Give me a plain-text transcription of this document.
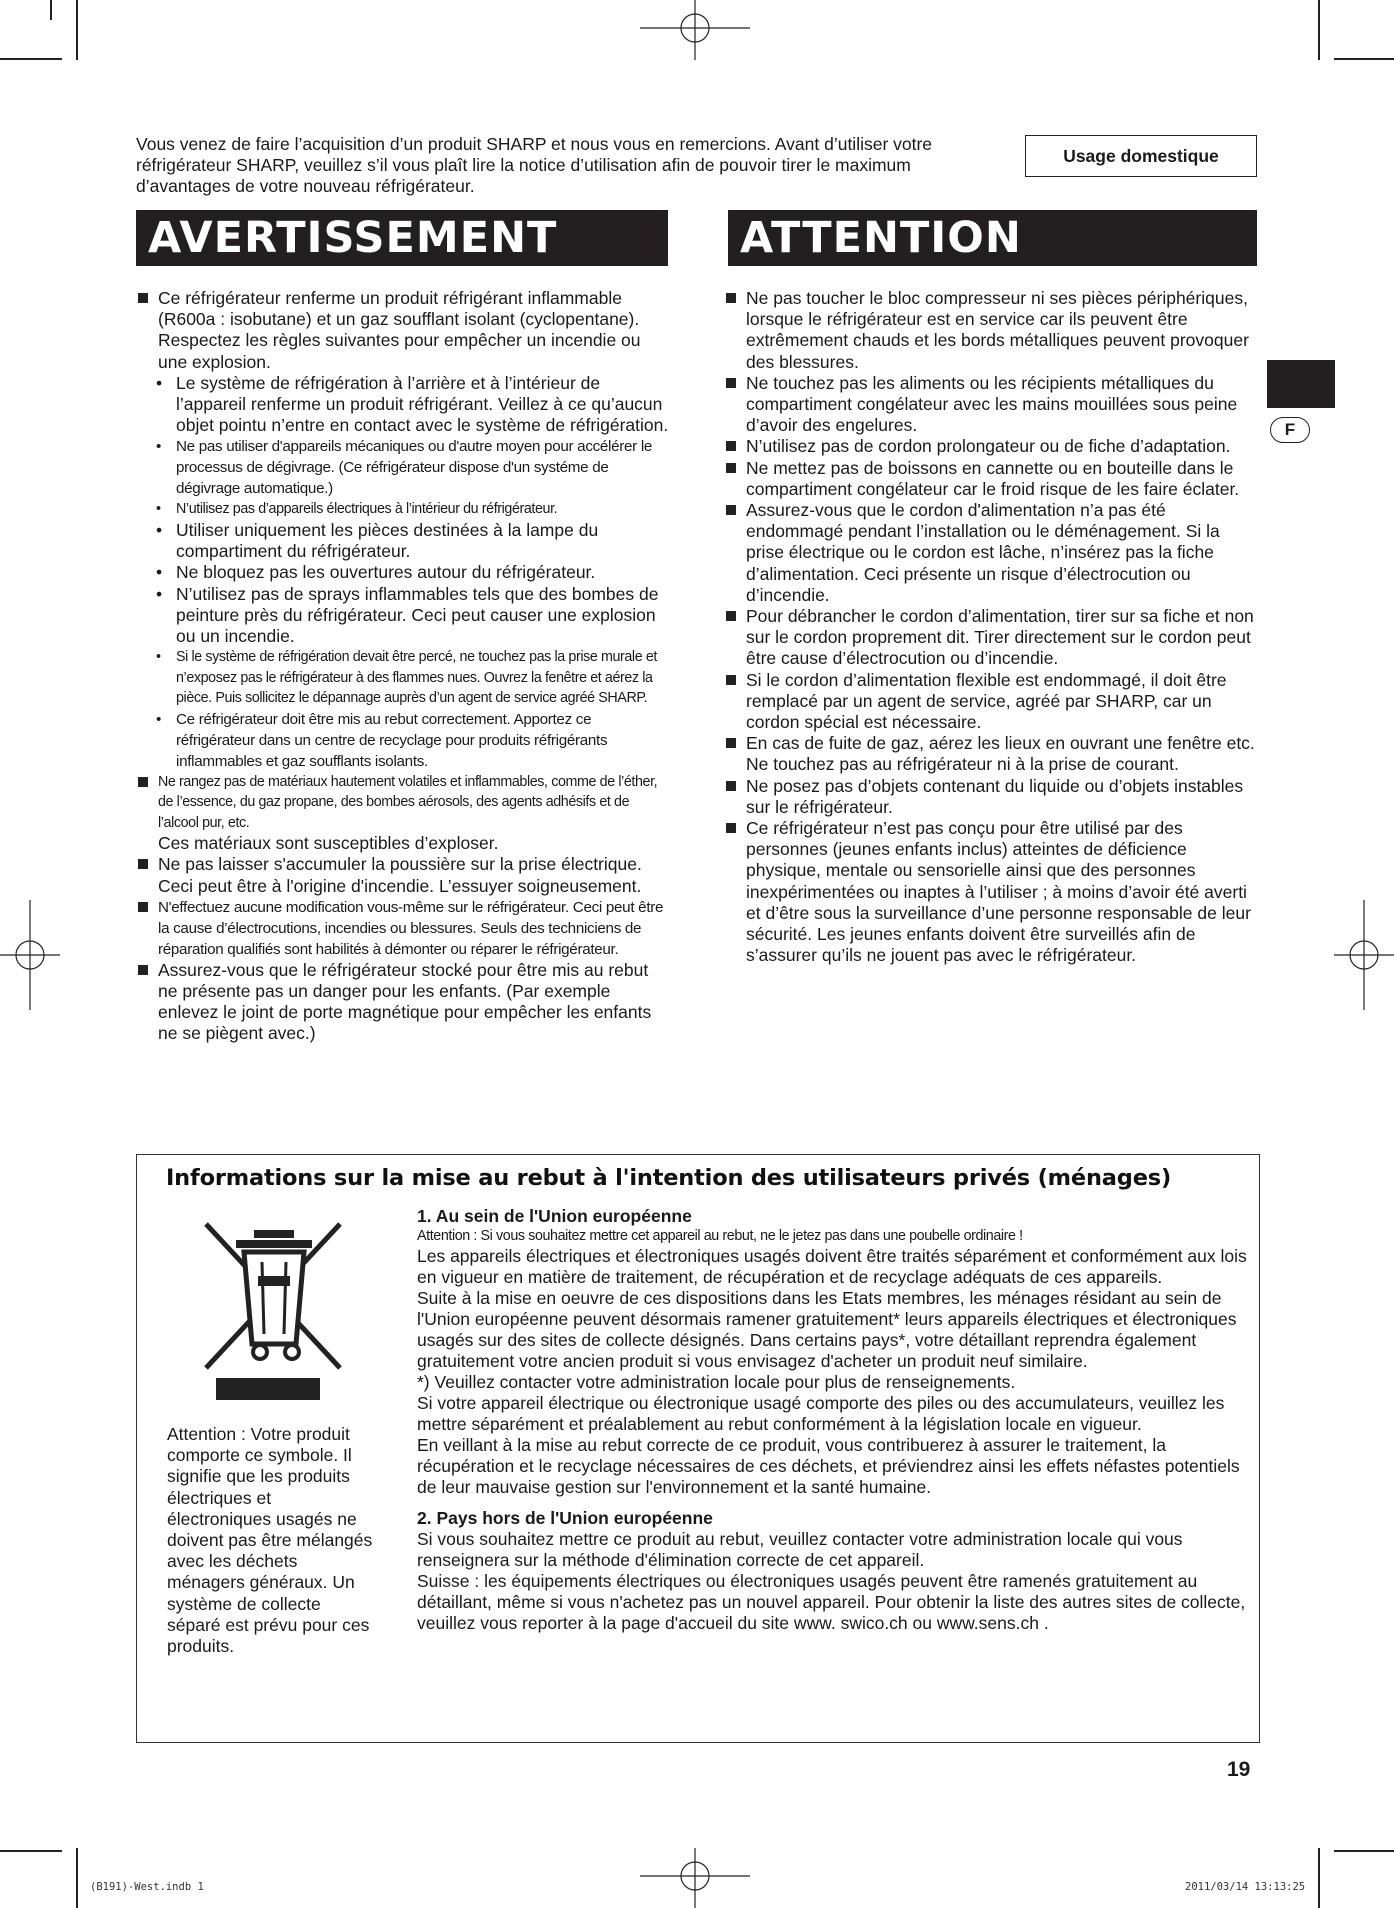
Vous venez de faire l’acquisition d’un produit SHARP et nous vous en remercions. Avant d’utiliser votre réfrigérateur SHARP, veuillez s’il vous plaît lire la notice d’utilisation afin de pouvoir tirer le maximum d’avantages de votre nouveau réfrigérateur.
Usage domestique
AVERTISSEMENT	ATTENTION

Ce réfrigérateur renferme un produit réfrigérant inflammable (R600a : isobutane) et un gaz soufflant isolant (cyclopentane). Respectez les règles suivantes pour empêcher un incendie ou une explosion.

• Le système de réfrigération à l’arrière et à l’intérieur de l’appareil renferme un produit réfrigérant. Veillez à ce qu’aucun objet pointu n’entre en contact avec le système de réfrigération.

• Ne pas utiliser d'appareils mécaniques ou d'autre moyen pour accélérer le processus de dégivrage. (Ce réfrigérateur dispose d'un systéme de dégivrage automatique.)

• N’utilisez pas d’appareils électriques à l’intérieur du réfrigérateur.

• Utiliser uniquement les pièces destinées à la lampe du compartiment du réfrigérateur.

• Ne bloquez pas les ouvertures autour du réfrigérateur.

• N’utilisez pas de sprays inflammables tels que des bombes de peinture près du réfrigérateur. Ceci peut causer une explosion ou un incendie.

• Si le système de réfrigération devait être percé, ne touchez pas la prise murale et n’exposez pas le réfrigérateur à des flammes nues. Ouvrez la fenêtre et aérez la pièce. Puis sollicitez le dépannage auprès d’un agent de service agréé SHARP.

• Ce réfrigérateur doit être mis au rebut correctement. Apportez ce réfrigérateur dans un centre de recyclage pour produits réfrigérants inflammables et gaz soufflants isolants.

Ne rangez pas de matériaux hautement volatiles et inflammables, comme de l’éther, de l’essence, du gaz propane, des bombes aérosols, des agents adhésifs et de l’alcool pur, etc.

Ces matériaux sont susceptibles d’exploser.

Ne pas laisser s'accumuler la poussière sur la prise électrique. Ceci peut être à l'origine d'incendie. L’essuyer soigneusement.

N'effectuez aucune modification vous-même sur le réfrigérateur. Ceci peut être la cause d’électrocutions, incendies ou blessures. Seuls des techniciens de réparation qualifiés sont habilités à démonter ou réparer le réfrigérateur.

Assurez-vous que le réfrigérateur stocké pour être mis au rebut ne présente pas un danger pour les enfants. (Par exemple enlevez le joint de porte magnétique pour empêcher les enfants ne se piègent avec.)

Ne pas toucher le bloc compresseur ni ses pièces périphériques, lorsque le réfrigérateur est en service car ils peuvent être extrêmement chauds et les bords métalliques peuvent provoquer des blessures.

Ne touchez pas les aliments ou les récipients métalliques du compartiment congélateur avec les mains mouillées sous peine d’avoir des engelures.

N’utilisez pas de cordon prolongateur ou de fiche d’adaptation.

Ne mettez pas de boissons en cannette ou en bouteille dans le compartiment congélateur car le froid risque de les faire éclater.

Assurez-vous que le cordon d'alimentation n’a pas été endommagé pendant l’installation ou le déménagement. Si la prise électrique ou le cordon est lâche, n’insérez pas la fiche d’alimentation. Ceci présente un risque d’électrocution ou d’incendie.

Pour débrancher le cordon d’alimentation, tirer sur sa fiche et non sur le cordon proprement dit. Tirer directement sur le cordon peut être cause d’électrocution ou d’incendie.

Si le cordon d’alimentation flexible est endommagé, il doit être remplacé par un agent de service, agréé par SHARP, car un cordon spécial est nécessaire.

En cas de fuite de gaz, aérez les lieux en ouvrant une fenêtre etc. Ne touchez pas au réfrigérateur ni à la prise de courant.

Ne posez pas d’objets contenant du liquide ou d’objets instables sur le réfrigérateur.

Ce réfrigérateur n’est pas conçu pour être utilisé par des personnes (jeunes enfants inclus) atteintes de déficience physique, mentale ou sensorielle ainsi que des personnes inexpérimentées ou inaptes à l’utiliser ; à moins d’avoir été averti et d’être sous la surveillance d’une personne responsable de leur sécurité. Les jeunes enfants doivent être surveillés afin de s’assurer qu’ils ne jouent pas avec le réfrigérateur.

F
Informations sur la mise au rebut à l'intention des utilisateurs privés (ménages)
Attention : Votre produit comporte ce symbole. Il signifie que les produits électriques et électroniques usagés ne doivent pas être mélangés avec les déchets ménagers généraux. Un système de collecte séparé est prévu pour ces produits.
1. Au sein de l'Union européenne

Attention : Si vous souhaitez mettre cet appareil au rebut, ne le jetez pas dans une poubelle ordinaire !

Les appareils électriques et électroniques usagés doivent être traités séparément et conformément aux lois en vigueur en matière de traitement, de récupération et de recyclage adéquats de ces appareils.

Suite à la mise en oeuvre de ces dispositions dans les Etats membres, les ménages résidant au sein de l'Union européenne peuvent désormais ramener gratuitement* leurs appareils électriques et électroniques usagés sur des sites de collecte désignés. Dans certains pays*, votre détaillant reprendra également gratuitement votre ancien produit si vous envisagez d'acheter un produit neuf similaire.

*) Veuillez contacter votre administration locale pour plus de renseignements.

Si votre appareil électrique ou électronique usagé comporte des piles ou des accumulateurs, veuillez les mettre séparément et préalablement au rebut conformément à la législation locale en vigueur.

En veillant à la mise au rebut correcte de ce produit, vous contribuerez à assurer le traitement, la récupération et le recyclage nécessaires de ces déchets, et préviendrez ainsi les effets néfastes potentiels de leur mauvaise gestion sur l'environnement et la santé humaine.

2. Pays hors de l'Union européenne

Si vous souhaitez mettre ce produit au rebut, veuillez contacter votre administration locale qui vous renseignera sur la méthode d'élimination correcte de cet appareil.

Suisse : les équipements électriques ou électroniques usagés peuvent être ramenés gratuitement au détaillant, même si vous n'achetez pas un nouvel appareil. Pour obtenir la liste des autres sites de collecte, veuillez vous reporter à la page d'accueil du site www. swico.ch ou www.sens.ch .

19
(B191)-West.indb 1	2011/03/14 13:13:25
